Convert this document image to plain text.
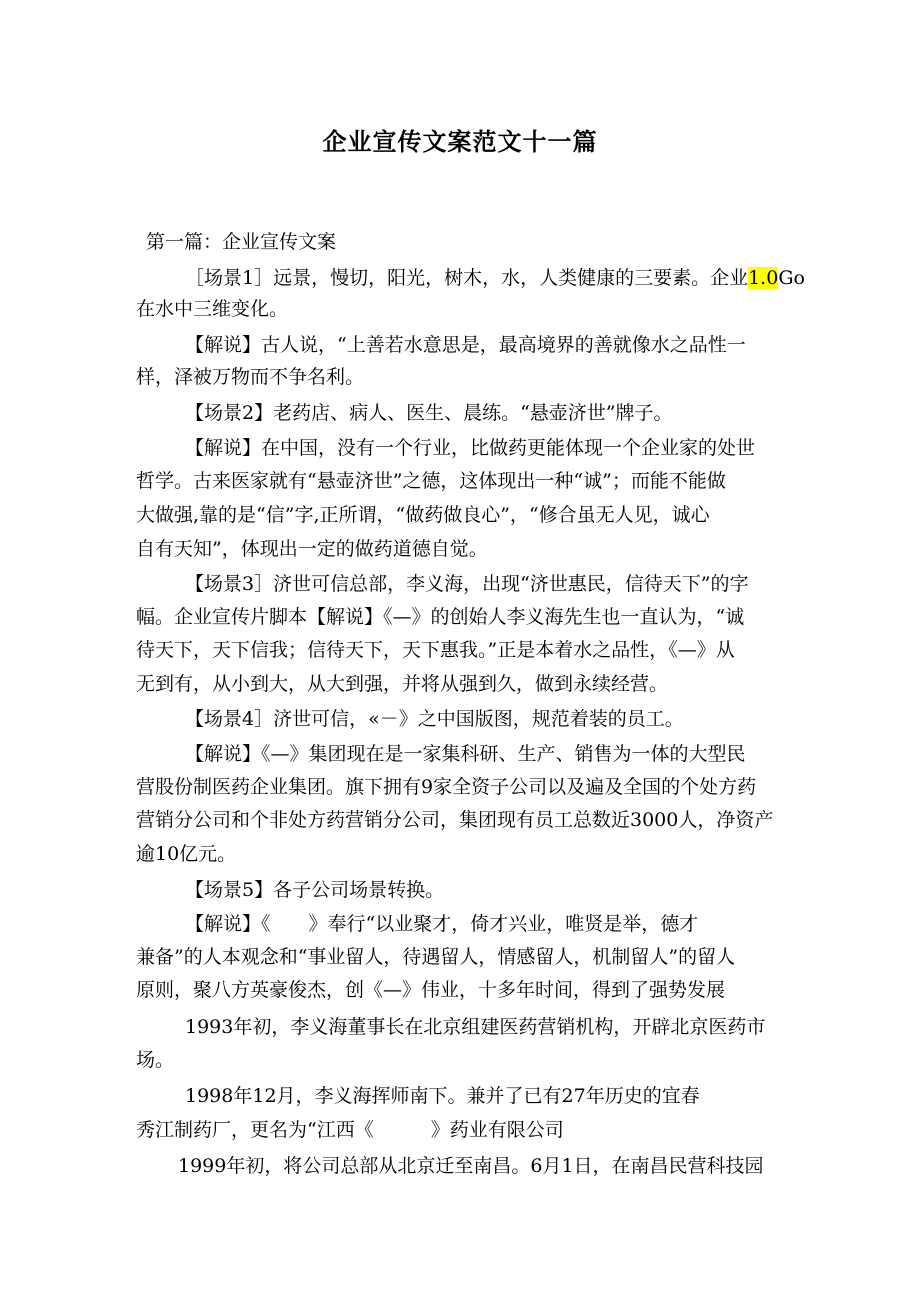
企业宣传文案范文十一篇
第一篇：企业宣传文案
［场景1］远景，慢切，阳光，树木，水，人类健康的三要素。企业1.0Go
在水中三维变化。
【解说】古人说，“上善若水意思是，最高境界的善就像水之品性一
样，泽被万物而不争名利。
【场景2】老药店、病人、医生、晨练。“悬壶济世”牌子。
【解说】在中国，没有一个行业，比做药更能体现一个企业家的处世
哲学。古来医家就有“悬壶济世”之德，这体现出一种“诚”；而能不能做
大做强,靠的是“信”字,正所谓，“做药做良心”，“修合虽无人见，诚心
自有天知”，体现出一定的做药道德自觉。
【场景3］济世可信总部，李义海，出现“济世惠民，信待天下”的字
幅。企业宣传片脚本【解说】《—》的创始人李义海先生也一直认为，“诚
待天下，天下信我；信待天下，天下惠我。”正是本着水之品性，《—》从
无到有，从小到大，从大到强，并将从强到久，做到永续经营。
【场景4］济世可信，«－》之中国版图，规范着装的员工。
【解说】《—》集团现在是一家集科研、生产、销售为一体的大型民
营股份制医药企业集团。旗下拥有9家全资子公司以及遍及全国的个处方药
营销分公司和个非处方药营销分公司，集团现有员工总数近3000人，净资产
逾10亿元。
【场景5】各子公司场景转换。
【解说】《　　》奉行“以业聚才，倚才兴业，唯贤是举，德才
兼备”的人本观念和“事业留人，待遇留人，情感留人，机制留人”的留人
原则，聚八方英豪俊杰，创《—》伟业，十多年时间，得到了强势发展
1993年初，李义海董事长在北京组建医药营销机构，开辟北京医药市
场。
1998年12月，李义海挥师南下。兼并了已有27年历史的宜春
秀江制药厂，更名为“江西《　　　》药业有限公司
1999年初，将公司总部从北京迁至南昌。6月1日，在南昌民营科技园
